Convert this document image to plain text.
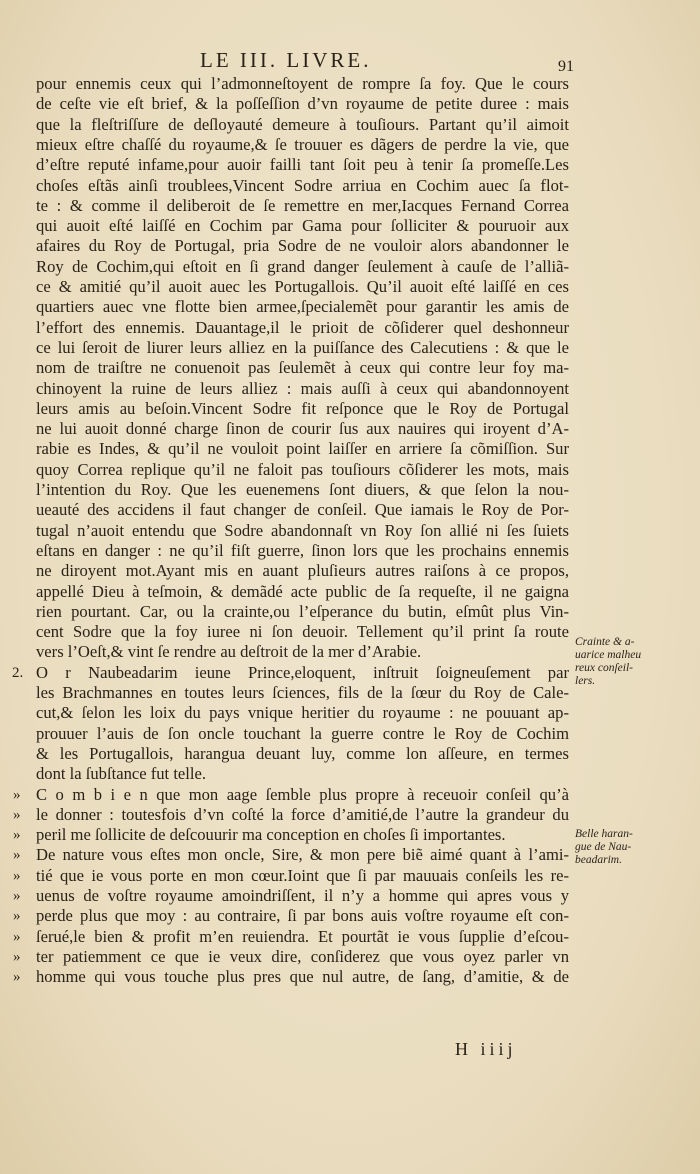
LE III. LIVRE.	91
pour ennemis ceux qui l’admonneſtoyent de rompre ſa foy. Que le cours
de ceſte vie eſt brief, & la poſſeſſion d’vn royaume de petite duree : mais
que la fleſtriſſure de deſloyauté demeure à touſiours. Partant qu’il aimoit
mieux eſtre chaſſé du royaume,& ſe trouuer es dãgers de perdre la vie, que
d’eſtre reputé infame,pour auoir failli tant ſoit peu à tenir ſa promeſſe.Les
choſes eſtãs ainſi troublees,Vincent Sodre arriua en Cochim auec ſa flot-
te : & comme il deliberoit de ſe remettre en mer,Iacques Fernand Correa
qui auoit eſté laiſſé en Cochim par Gama pour ſolliciter & pouruoir aux
afaires du Roy de Portugal, pria Sodre de ne vouloir alors abandonner le
Roy de Cochim,qui eſtoit en ſi grand danger ſeulement à cauſe de l’alliã-
ce & amitié qu’il auoit auec les Portugallois. Qu’il auoit eſté laiſſé en ces
quartiers auec vne flotte bien armee,ſpecialemẽt pour garantir les amis de
l’effort des ennemis. Dauantage,il le prioit de cõſiderer quel deshonneur
ce lui ſeroit de liurer leurs alliez en la puiſſance des Calecutiens : & que le
nom de traiſtre ne conuenoit pas ſeulemẽt à ceux qui contre leur foy ma-
chinoyent la ruine de leurs alliez : mais auſſi à ceux qui abandonnoyent
leurs amis au beſoin.Vincent Sodre fit reſponce que le Roy de Portugal
ne lui auoit donné charge ſinon de courir ſus aux nauires qui iroyent d’A-
rabie es Indes, & qu’il ne vouloit point laiſſer en arriere ſa cõmiſſion. Sur
quoy Correa replique qu’il ne faloit pas touſiours cõſiderer les mots, mais
l’intention du Roy. Que les euenemens ſont diuers, & que ſelon la nou-
ueauté des accidens il faut changer de conſeil. Que iamais le Roy de Por-
tugal n’auoit entendu que Sodre abandonnaſt vn Roy ſon allié ni ſes ſuiets
eſtans en danger : ne qu’il fiſt guerre, ſinon lors que les prochains ennemis
ne diroyent mot.Ayant mis en auant pluſieurs autres raiſons à ce propos,
appellé Dieu à teſmoin, & demãdé acte public de ſa requeſte, il ne gaigna
rien pourtant. Car, ou la crainte,ou l’eſperance du butin, eſmût plus Vin-
cent Sodre que la foy iuree ni ſon deuoir. Tellement qu’il print ſa route
vers l’Oeſt,& vint ſe rendre au deſtroit de la mer d’Arabie.
O r Naubeadarim ieune Prince,eloquent, inſtruit ſoigneuſement par
les Brachmannes en toutes leurs ſciences, fils de la ſœur du Roy de Cale-
cut,& ſelon les loix du pays vnique heritier du royaume : ne pouuant ap-
prouuer l’auis de ſon oncle touchant la guerre contre le Roy de Cochim
& les Portugallois, harangua deuant luy, comme lon aſſeure, en termes
dont la ſubſtance fut telle.
C o m b i e n que mon aage ſemble plus propre à receuoir conſeil qu’à
le donner : toutesfois d’vn coſté la force d’amitié,de l’autre la grandeur du
peril me ſollicite de deſcouurir ma conception en choſes ſi importantes.
De nature vous eſtes mon oncle, Sire, & mon pere biẽ aimé quant à l’ami-
tié que ie vous porte en mon cœur.Ioint que ſi par mauuais conſeils les re-
uenus de voſtre royaume amoindriſſent, il n’y a homme qui apres vous y
perde plus que moy : au contraire, ſi par bons auis voſtre royaume eſt con-
ſerué,le bien & profit m’en reuiendra. Et pourtãt ie vous ſupplie d’eſcou-
ter patiemment ce que ie veux dire, conſiderez que vous oyez parler vn
homme qui vous touche plus pres que nul autre, de ſang, d’amitie, & de
Crainte & a-
uarice malheu
reux conſeil-
lers.
Belle haran-
gue de Nau-
beadarim.
H iiij
»
»
»
»
»
»
»
»
»
»
2.
